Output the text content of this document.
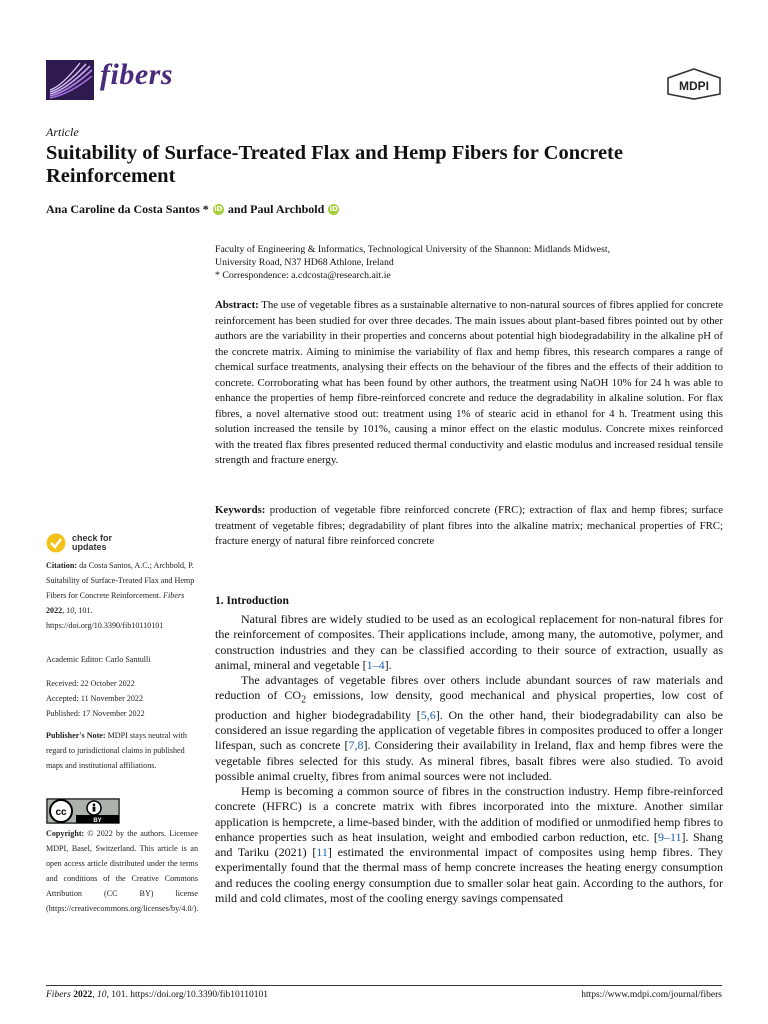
fibers	MDPI
Article
Suitability of Surface-Treated Flax and Hemp Fibers for Concrete Reinforcement
Ana Caroline da Costa Santos * iD and Paul Archbold iD
Faculty of Engineering & Informatics, Technological University of the Shannon: Midlands Midwest,
University Road, N37 HD68 Athlone, Ireland
* Correspondence: a.cdcosta@research.ait.ie
Abstract: The use of vegetable fibres as a sustainable alternative to non-natural sources of fibres applied for concrete reinforcement has been studied for over three decades. The main issues about plant-based fibres pointed out by other authors are the variability in their properties and concerns about potential high biodegradability in the alkaline pH of the concrete matrix. Aiming to minimise the variability of flax and hemp fibres, this research compares a range of chemical surface treatments, analysing their effects on the behaviour of the fibres and the effects of their addition to concrete. Corroborating what has been found by other authors, the treatment using NaOH 10% for 24 h was able to enhance the properties of hemp fibre-reinforced concrete and reduce the degradability in alkaline solution. For flax fibres, a novel alternative stood out: treatment using 1% of stearic acid in ethanol for 4 h. Treatment using this solution increased the tensile by 101%, causing a minor effect on the elastic modulus. Concrete mixes reinforced with the treated flax fibres presented reduced thermal conductivity and elastic modulus and increased residual tensile strength and fracture energy.
Keywords: production of vegetable fibre reinforced concrete (FRC); extraction of flax and hemp fibres; surface treatment of vegetable fibres; degradability of plant fibres into the alkaline matrix; mechanical properties of FRC; fracture energy of natural fibre reinforced concrete
check for
updates
Citation: da Costa Santos, A.C.; Archbold, P. Suitability of Surface-Treated Flax and Hemp Fibers for Concrete Reinforcement. Fibers 2022, 10, 101. https://doi.org/10.3390/fib10110101
Academic Editor: Carlo Santulli
Received: 22 October 2022
Accepted: 11 November 2022
Published: 17 November 2022
Publisher's Note: MDPI stays neutral with regard to jurisdictional claims in published maps and institutional affiliations.
cc
BY
Copyright: © 2022 by the authors. Licensee MDPI, Basel, Switzerland. This article is an open access article distributed under the terms and conditions of the Creative Commons Attribution (CC BY) license (https://creativecommons.org/licenses/by/4.0/).
1. Introduction

Natural fibres are widely studied to be used as an ecological replacement for non-natural fibres for the reinforcement of composites. Their applications include, among many, the automotive, polymer, and construction industries and they can be classified according to their source of extraction, usually as animal, mineral and vegetable [1–4].

The advantages of vegetable fibres over others include abundant sources of raw materials and reduction of $CO_2$ emissions, low density, good mechanical and physical properties, low cost of production and higher biodegradability [5,6]. On the other hand, their biodegradability can also be considered an issue regarding the application of vegetable fibres in composites produced to offer a longer lifespan, such as concrete [7,8]. Considering their availability in Ireland, flax and hemp fibres were the vegetable fibres selected for this study. As mineral fibres, basalt fibres were also studied. To avoid possible animal cruelty, fibres from animal sources were not included.

Hemp is becoming a common source of fibres in the construction industry. Hemp fibre-reinforced concrete (HFRC) is a concrete matrix with fibres incorporated into the mixture. Another similar application is hempcrete, a lime-based binder, with the addition of modified or unmodified hemp fibres to enhance properties such as heat insulation, weight and embodied carbon reduction, etc. [9–11]. Shang and Tariku (2021) [11] estimated the environmental impact of composites using hemp fibres. They experimentally found that the thermal mass of hemp concrete increases the heating energy consumption and reduces the cooling energy consumption due to smaller solar heat gain. According to the authors, for mild and cold climates, most of the cooling energy savings compensated

Fibers 2022, 10, 101. https://doi.org/10.3390/fib10110101	https://www.mdpi.com/journal/fibers
